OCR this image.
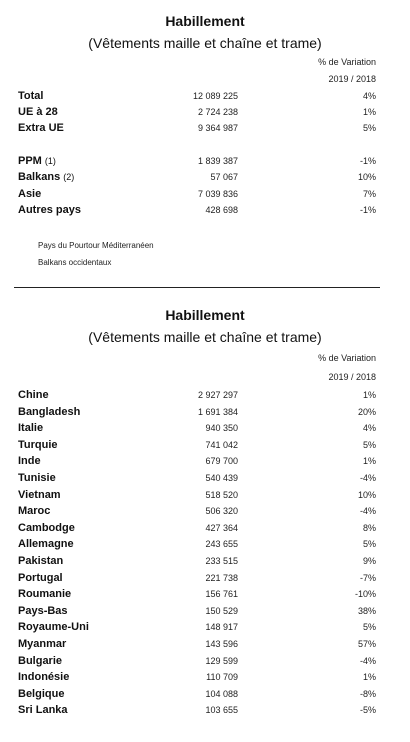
Habillement
(Vêtements maille et chaîne et trame)
% de Variation
2019 / 2018
Total	12 089 225	4%
UE à 28	2 724 238	1%
Extra UE	9 364 987	5%
PPM (1)	1 839 387	-1%
Balkans (2)	57 067	10%
Asie	7 039 836	7%
Autres pays	428 698	-1%
Pays du Pourtour Méditerranéen
Balkans occidentaux
Habillement
(Vêtements maille et chaîne et trame)
% de Variation
2019 / 2018
Chine	2 927 297	1%
Bangladesh	1 691 384	20%
Italie	940 350	4%
Turquie	741 042	5%
Inde	679 700	1%
Tunisie	540 439	-4%
Vietnam	518 520	10%
Maroc	506 320	-4%
Cambodge	427 364	8%
Allemagne	243 655	5%
Pakistan	233 515	9%
Portugal	221 738	-7%
Roumanie	156 761	-10%
Pays-Bas	150 529	38%
Royaume-Uni	148 917	5%
Myanmar	143 596	57%
Bulgarie	129 599	-4%
Indonésie	110 709	1%
Belgique	104 088	-8%
Sri Lanka	103 655	-5%
